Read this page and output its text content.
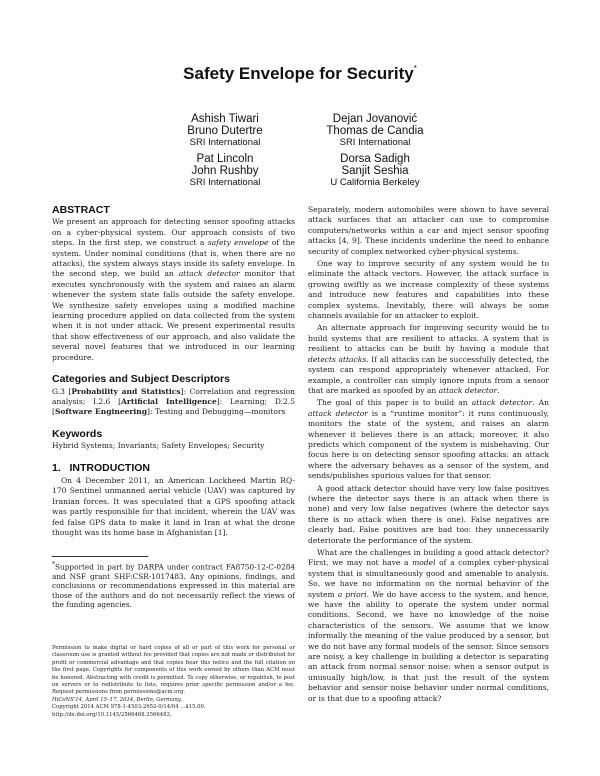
Safety Envelope for Security*
Ashish Tiwari
Bruno Dutertre
SRI International
Dejan Jovanović
Thomas de Candia
SRI International
Pat Lincoln
John Rushby
SRI International
Dorsa Sadigh
Sanjit Seshia
U California Berkeley
ABSTRACT

We present an approach for detecting sensor spoofing attacks on a cyber-physical system. Our approach consists of two steps. In the first step, we construct a safety envelope of the system. Under nominal conditions (that is, when there are no attacks), the system always stays inside its safety envelope. In the second step, we build an attack detector monitor that executes synchronously with the system and raises an alarm whenever the system state falls outside the safety envelope. We synthesize safety envelopes using a modified machine learning procedure applied on data collected from the system when it is not under attack. We present experimental results that show effectiveness of our approach, and also validate the several novel features that we introduced in our learning procedure.

Categories and Subject Descriptors

G.3 [Probability and Statistics]: Correlation and regression analysis; I.2.6 [Artificial Intelligence]: Learning; D.2.5 [Software Engineering]: Testing and Debugging—monitors

Keywords

Hybrid Systems; Invariants; Safety Envelopes; Security

1.   INTRODUCTION

On 4 December 2011, an American Lockheed Martin RQ-170 Sentinel unmanned aerial vehicle (UAV) was captured by Iranian forces. It was speculated that a GPS spoofing attack was partly responsible for that incident, wherein the UAV was fed false GPS data to make it land in Iran at what the drone thought was its home base in Afghanistan [1].

*Supported in part by DARPA under contract FA8750-12-C-0284 and NSF grant SHF:CSR-1017483. Any opinions, findings, and conclusions or recommendations expressed in this material are those of the authors and do not necessarily reflect the views of the funding agencies.
Permission to make digital or hard copies of all or part of this work for personal or classroom use is granted without fee provided that copies are not made or distributed for profit or commercial advantage and that copies bear this notice and the full citation on the first page. Copyrights for components of this work owned by others than ACM must be honored. Abstracting with credit is permitted. To copy otherwise, or republish, to post on servers or to redistribute to lists, requires prior specific permission and/or a fee. Request permissions from permissions@acm.org.
HiCoNS'14, April 15–17, 2014, Berlin, Germany.
Copyright 2014 ACM 978-1-4503-2652-0/14/04 ...$15.00.
http://dx.doi.org/10.1145/2566468.2566483.

Separately, modern automobiles were shown to have several attack surfaces that an attacker can use to compromise computers/networks within a car and inject sensor spoofing attacks [4, 9]. These incidents underline the need to enhance security of complex networked cyber-physical systems.

One way to improve security of any system would be to eliminate the attack vectors. However, the attack surface is growing swiftly as we increase complexity of these systems and introduce new features and capabilities into these complex systems. Inevitably, there will always be some channels available for an attacker to exploit.

An alternate approach for improving security would be to build systems that are resilient to attacks. A system that is resilient to attacks can be built by having a module that detects attacks. If all attacks can be successfully detected, the system can respond appropriately whenever attacked. For example, a controller can simply ignore inputs from a sensor that are marked as spoofed by an attack detector.

The goal of this paper is to build an attack detector. An attack detector is a “runtime monitor”: it runs continuously, monitors the state of the system, and raises an alarm whenever it believes there is an attack; moreover, it also predicts which component of the system is misbehaving. Our focus here is on detecting sensor spoofing attacks: an attack where the adversary behaves as a sensor of the system, and sends/publishes spurious values for that sensor.

A good attack detector should have very low false positives (where the detector says there is an attack when there is none) and very low false negatives (where the detector says there is no attack when there is one). False negatives are clearly bad. False positives are bad too: they unnecessarily deteriorate the performance of the system.

What are the challenges in building a good attack detector? First, we may not have a model of a complex cyber-physical system that is simultaneously good and amenable to analysis. So, we have no information on the normal behavior of the system a priori. We do have access to the system, and hence, we have the ability to operate the system under normal conditions. Second, we have no knowledge of the noise characteristics of the sensors. We assume that we know informally the meaning of the value produced by a sensor, but we do not have any formal models of the sensor. Since sensors are noisy, a key challenge in building a detector is separating an attack from normal sensor noise: when a sensor output is unusually high/low, is that just the result of the system behavior and sensor noise behavior under normal conditions, or is that due to a spoofing attack?
